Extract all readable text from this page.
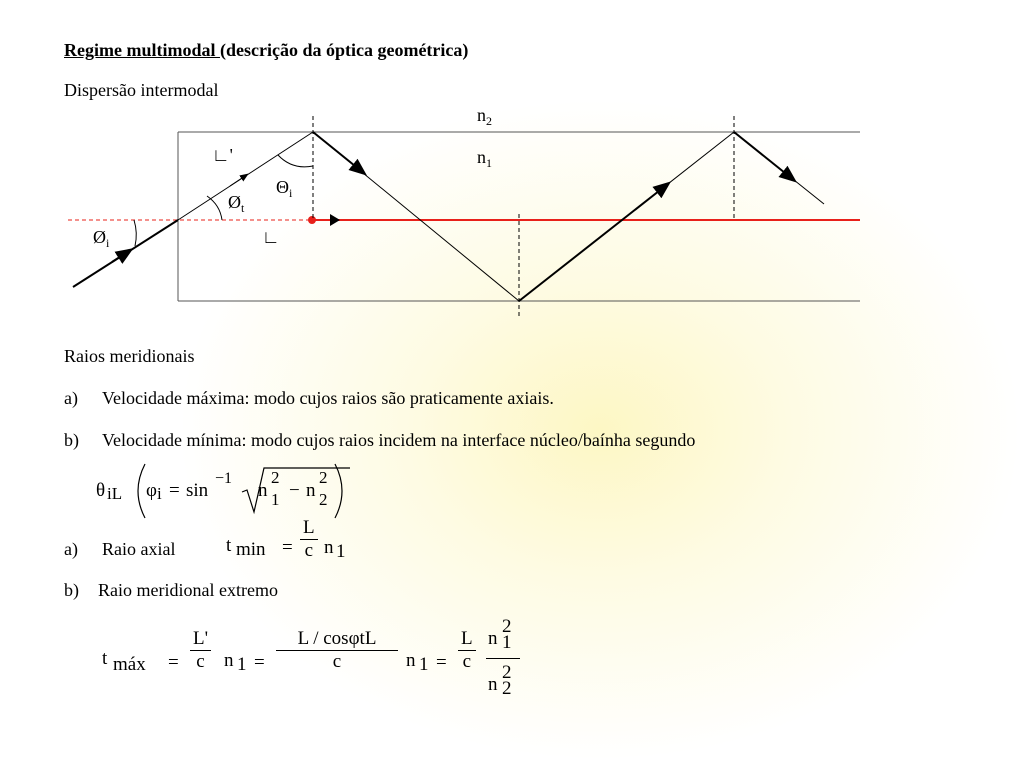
Regime multimodal (descrição da óptica geométrica)
Dispersão intermodal
$n_2$
$n_1$
∟'
∟
$\Theta_i$
$Ø_t$
$Ø_i$
Raios meridionais
a) Velocidade máxima: modo cujos raios são praticamente axiais.
b) Velocidade mínima: modo cujos raios incidem na interface núcleo/baínha segundo
a) Raio axial
b) Raio meridional extremo
θ iL φ i = sin
−1
n
2
1 − n
2
2
t $\min = \frac{L}{c}$ n 1
t máx = $\frac{L'}{c}$ n 1 =
L / cosφtL
c	n $1 = \frac{L}{c}$ n
2
1
n
2
2
